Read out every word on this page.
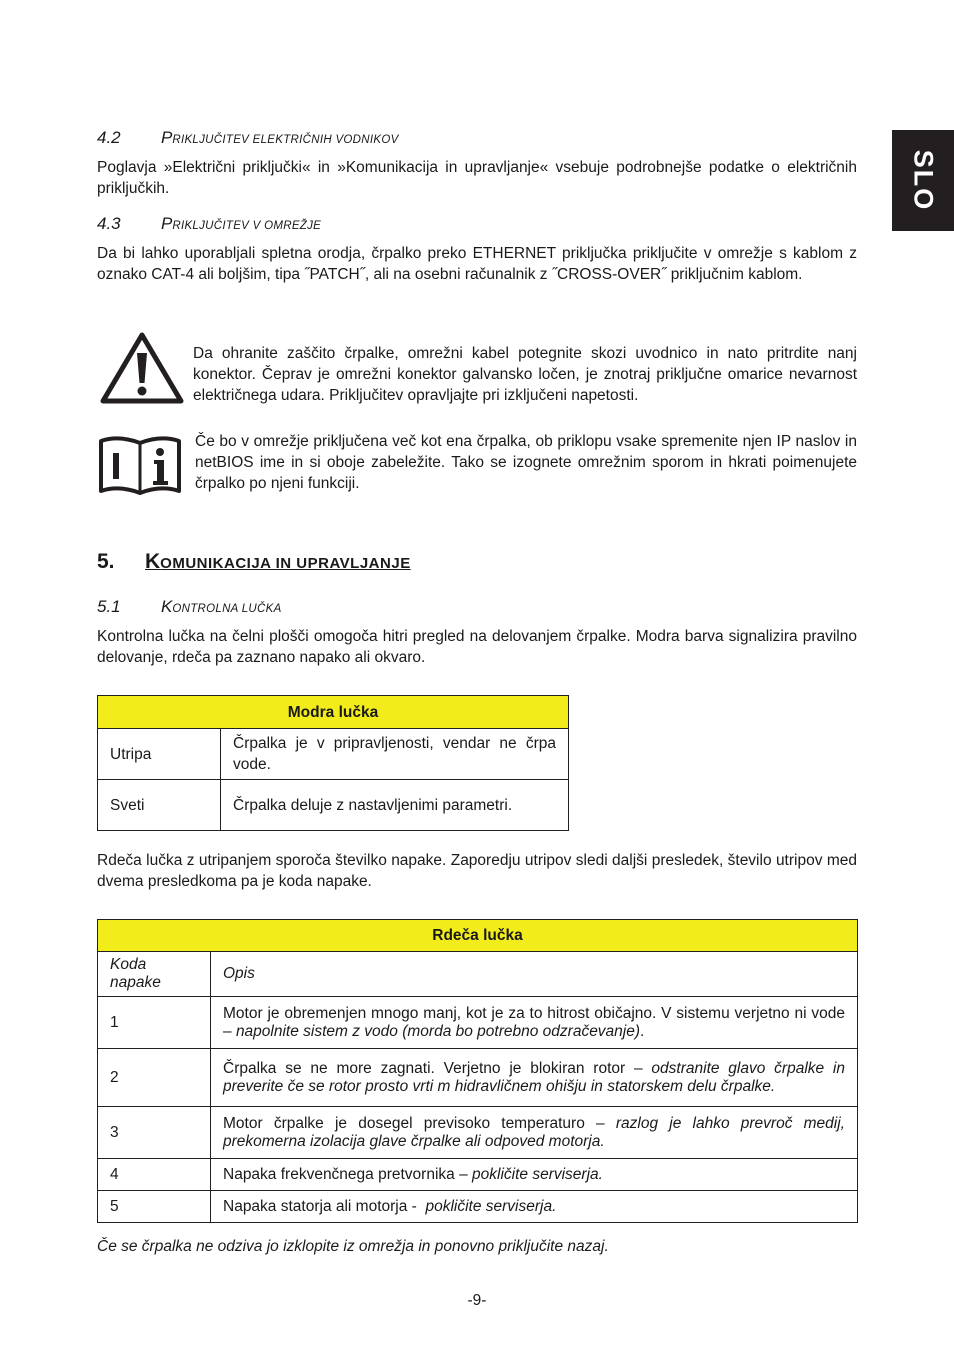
SLO
4.2 PRIKLJUČITEV ELEKTRIČNIH VODNIKOV

Poglavja »Električni priključki« in »Komunikacija in upravljanje« vsebuje podrobnejše podatke o električnih priključkih.

4.3 PRIKLJUČITEV V OMREŽJE

Da bi lahko uporabljali spletna orodja, črpalko preko ETHERNET priključka priključite v omrežje s kablom z oznako CAT-4 ali boljšim, tipa ˝PATCH˝, ali na osebni računalnik z ˝CROSS-OVER˝ priključnim kablom.

Da ohranite zaščito črpalke, omrežni kabel potegnite skozi uvodnico in nato pritrdite nanj konektor. Čeprav je omrežni konektor galvansko ločen, je znotraj priključne omarice nevarnost električnega udara. Priključitev opravljajte pri izključeni napetosti.

Če bo v omrežje priključena več kot ena črpalka, ob priklopu vsake spremenite njen IP naslov in netBIOS ime in si oboje zabeležite. Tako se izognete omrežnim sporom in hkrati poimenujete črpalko po njeni funkciji.

5. KOMUNIKACIJA IN UPRAVLJANJE
5.1 KONTROLNA LUČKA

Kontrolna lučka na čelni plošči omogoča hitri pregled na delovanjem črpalke. Modra barva signalizira pravilno delovanje, rdeča pa zaznano napako ali okvaro.

Modra lučka	
Utripa	Črpalka je v pripravljenosti, vendar ne črpa vode.
Sveti	Črpalka deluje z nastavljenimi parametri.

Rdeča lučka z utripanjem sporoča številko napake. Zaporedju utripov sledi daljši presledek, število utripov med dvema presledkoma pa je koda napake.

Rdeča lučka	
Koda napake	Opis
1	Motor je obremenjen mnogo manj, kot je za to hitrost običajno. V sistemu verjetno ni vode – napolnite sistem z vodo (morda bo potrebno odzračevanje).
2	Črpalka se ne more zagnati. Verjetno je blokiran rotor – odstranite glavo črpalke in preverite če se rotor prosto vrti m hidravličnem ohišju in statorskem delu črpalke.
3	Motor črpalke je dosegel previsoko temperaturo – razlog je lahko prevroč medij, prekomerna izolacija glave črpalke ali odpoved motorja.
4	Napaka frekvenčnega pretvornika – pokličite serviserja.
5	Napaka statorja ali motorja -  pokličite serviserja.
Če se črpalka ne odziva jo izklopite iz omrežja in ponovno priključite nazaj.
-9-
